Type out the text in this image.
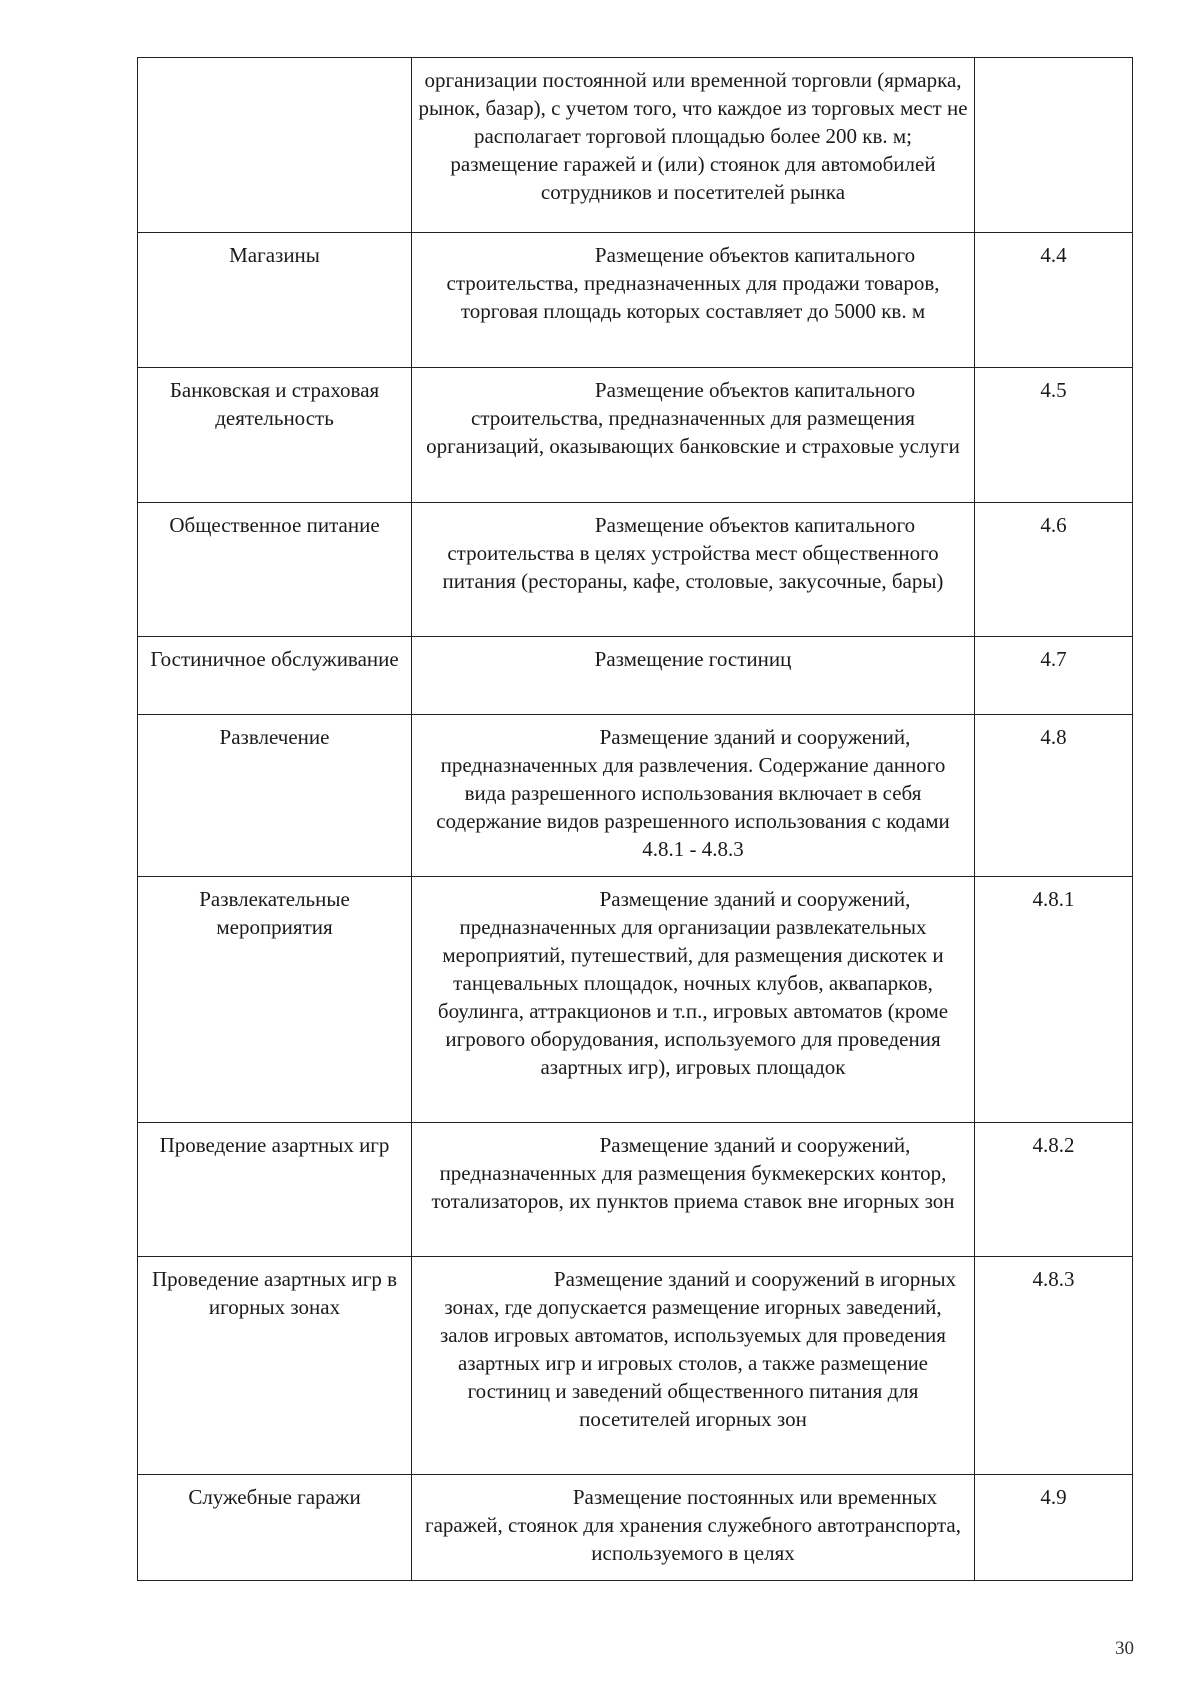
	организации постоянной или временной торговли (ярмарка, рынок, базар), с учетом того, что каждое из торговых мест не располагает торговой площадью более 200 кв. м;
размещение гаражей и (или) стоянок для автомобилей сотрудников и посетителей рынка	

Магазины	Размещение объектов капитального строительства, предназначенных для продажи товаров, торговая площадь которых составляет до 5000 кв. м	4.4
Банковская и страховая деятельность	Размещение объектов капитального строительства, предназначенных для размещения организаций, оказывающих банковские и страховые услуги	4.5
Общественное питание	Размещение объектов капитального строительства в целях устройства мест общественного питания (рестораны, кафе, столовые, закусочные, бары)	4.6
Гостиничное обслуживание	Размещение гостиниц	4.7
Развлечение	Размещение зданий и сооружений, предназначенных для развлечения. Содержание данного вида разрешенного использования включает в себя содержание видов разрешенного использования с кодами 4.8.1 - 4.8.3	4.8
Развлекательные мероприятия	Размещение зданий и сооружений, предназначенных для организации развлекательных мероприятий, путешествий, для размещения дискотек и танцевальных площадок, ночных клубов, аквапарков, боулинга, аттракционов и т.п., игровых автоматов (кроме игрового оборудования, используемого для проведения азартных игр), игровых площадок	4.8.1
Проведение азартных игр	Размещение зданий и сооружений, предназначенных для размещения букмекерских контор, тотализаторов, их пунктов приема ставок вне игорных зон	4.8.2
Проведение азартных игр в игорных зонах	Размещение зданий и сооружений в игорных зонах, где допускается размещение игорных заведений, залов игровых автоматов, используемых для проведения азартных игр и игровых столов, а также размещение гостиниц и заведений общественного питания для посетителей игорных зон	4.8.3
Служебные гаражи	Размещение постоянных или временных гаражей, стоянок для хранения служебного автотранспорта, используемого в целях	4.9
30
